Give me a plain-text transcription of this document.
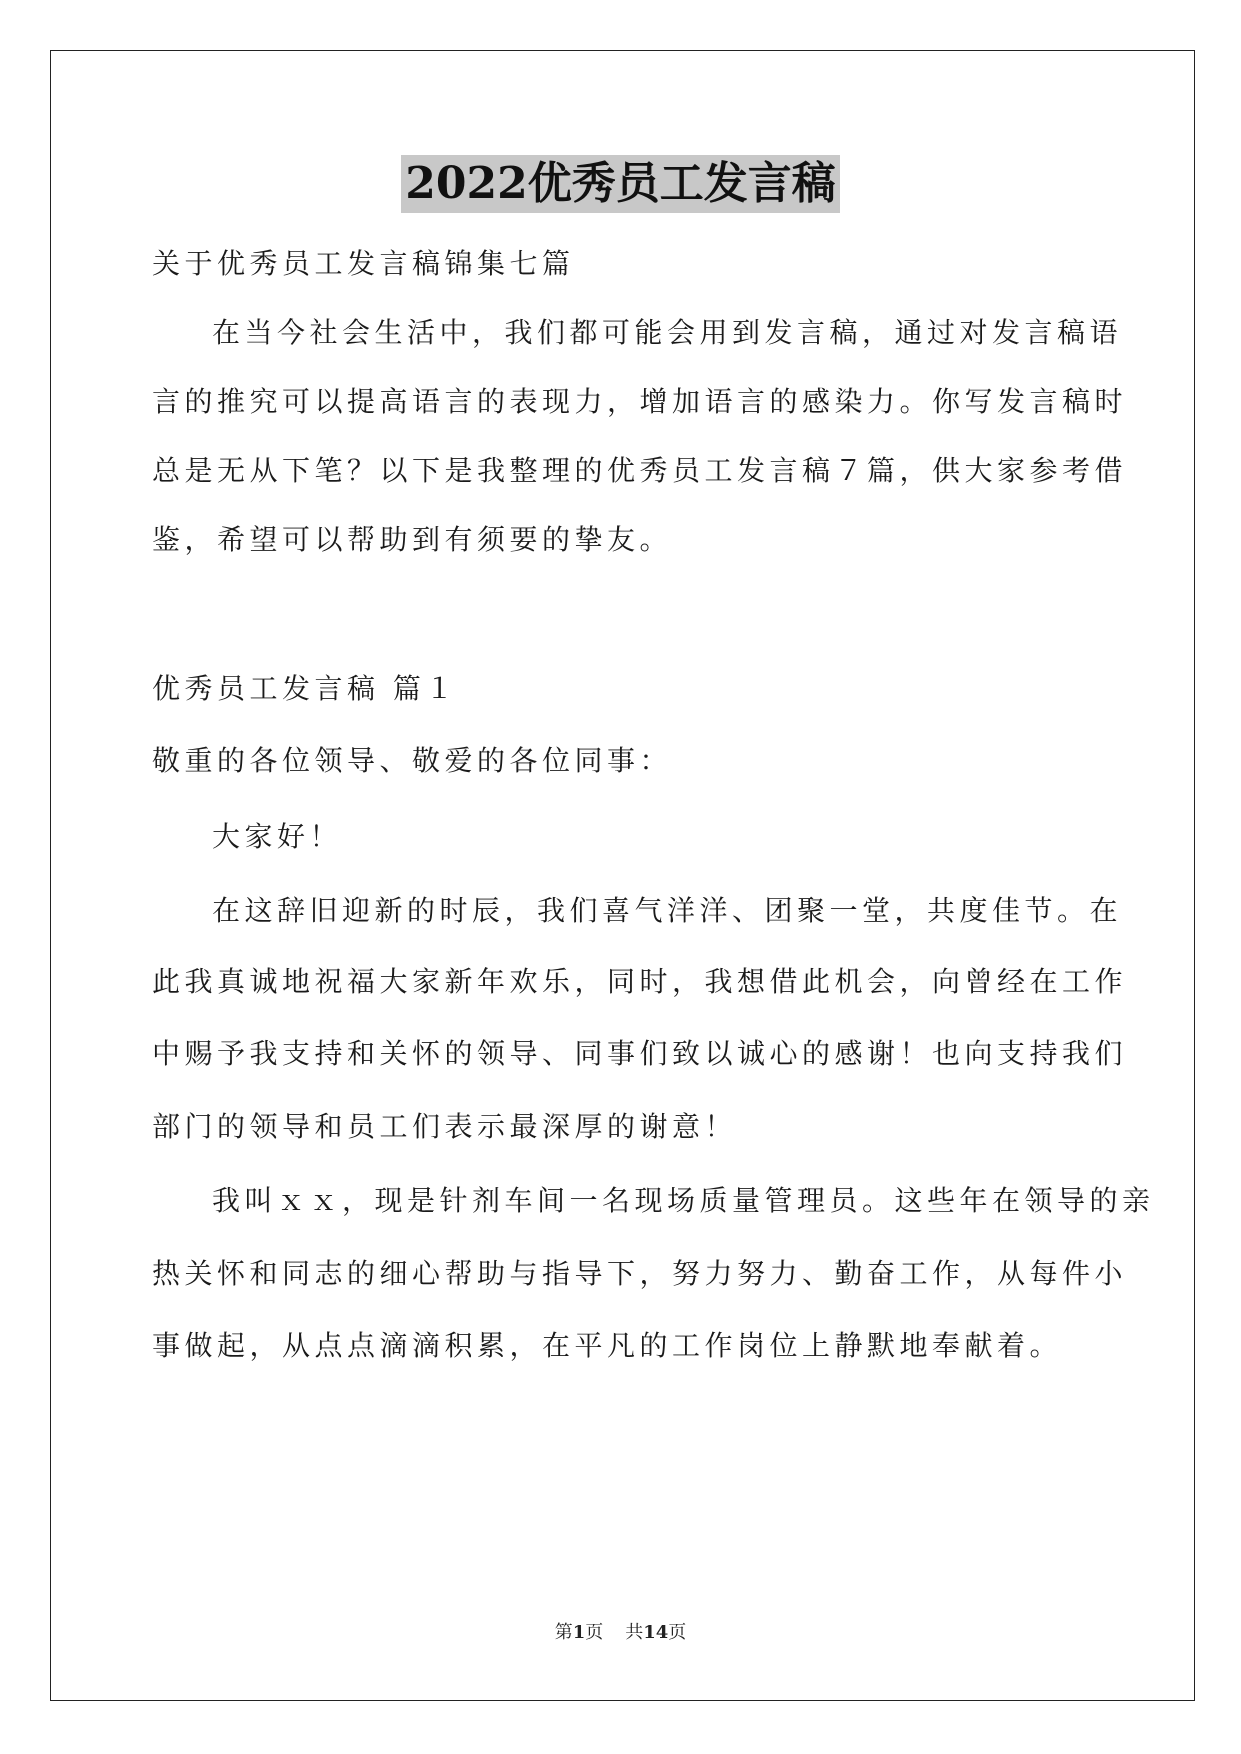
2022优秀员工发言稿
关于优秀员工发言稿锦集七篇
在当今社会生活中，我们都可能会用到发言稿，通过对发言稿语
言的推究可以提高语言的表现力，增加语言的感染力。你写发言稿时
总是无从下笔？以下是我整理的优秀员工发言稿７篇，供大家参考借
鉴，希望可以帮助到有须要的挚友。
优秀员工发言稿 篇１
敬重的各位领导、敬爱的各位同事：
大家好！
在这辞旧迎新的时辰，我们喜气洋洋、团聚一堂，共度佳节。在
此我真诚地祝福大家新年欢乐，同时，我想借此机会，向曾经在工作
中赐予我支持和关怀的领导、同事们致以诚心的感谢！也向支持我们
部门的领导和员工们表示最深厚的谢意！
我叫ｘｘ，现是针剂车间一名现场质量管理员。这些年在领导的亲
热关怀和同志的细心帮助与指导下，努力努力、勤奋工作，从每件小
事做起，从点点滴滴积累，在平凡的工作岗位上静默地奉献着。
第1页 共14页
